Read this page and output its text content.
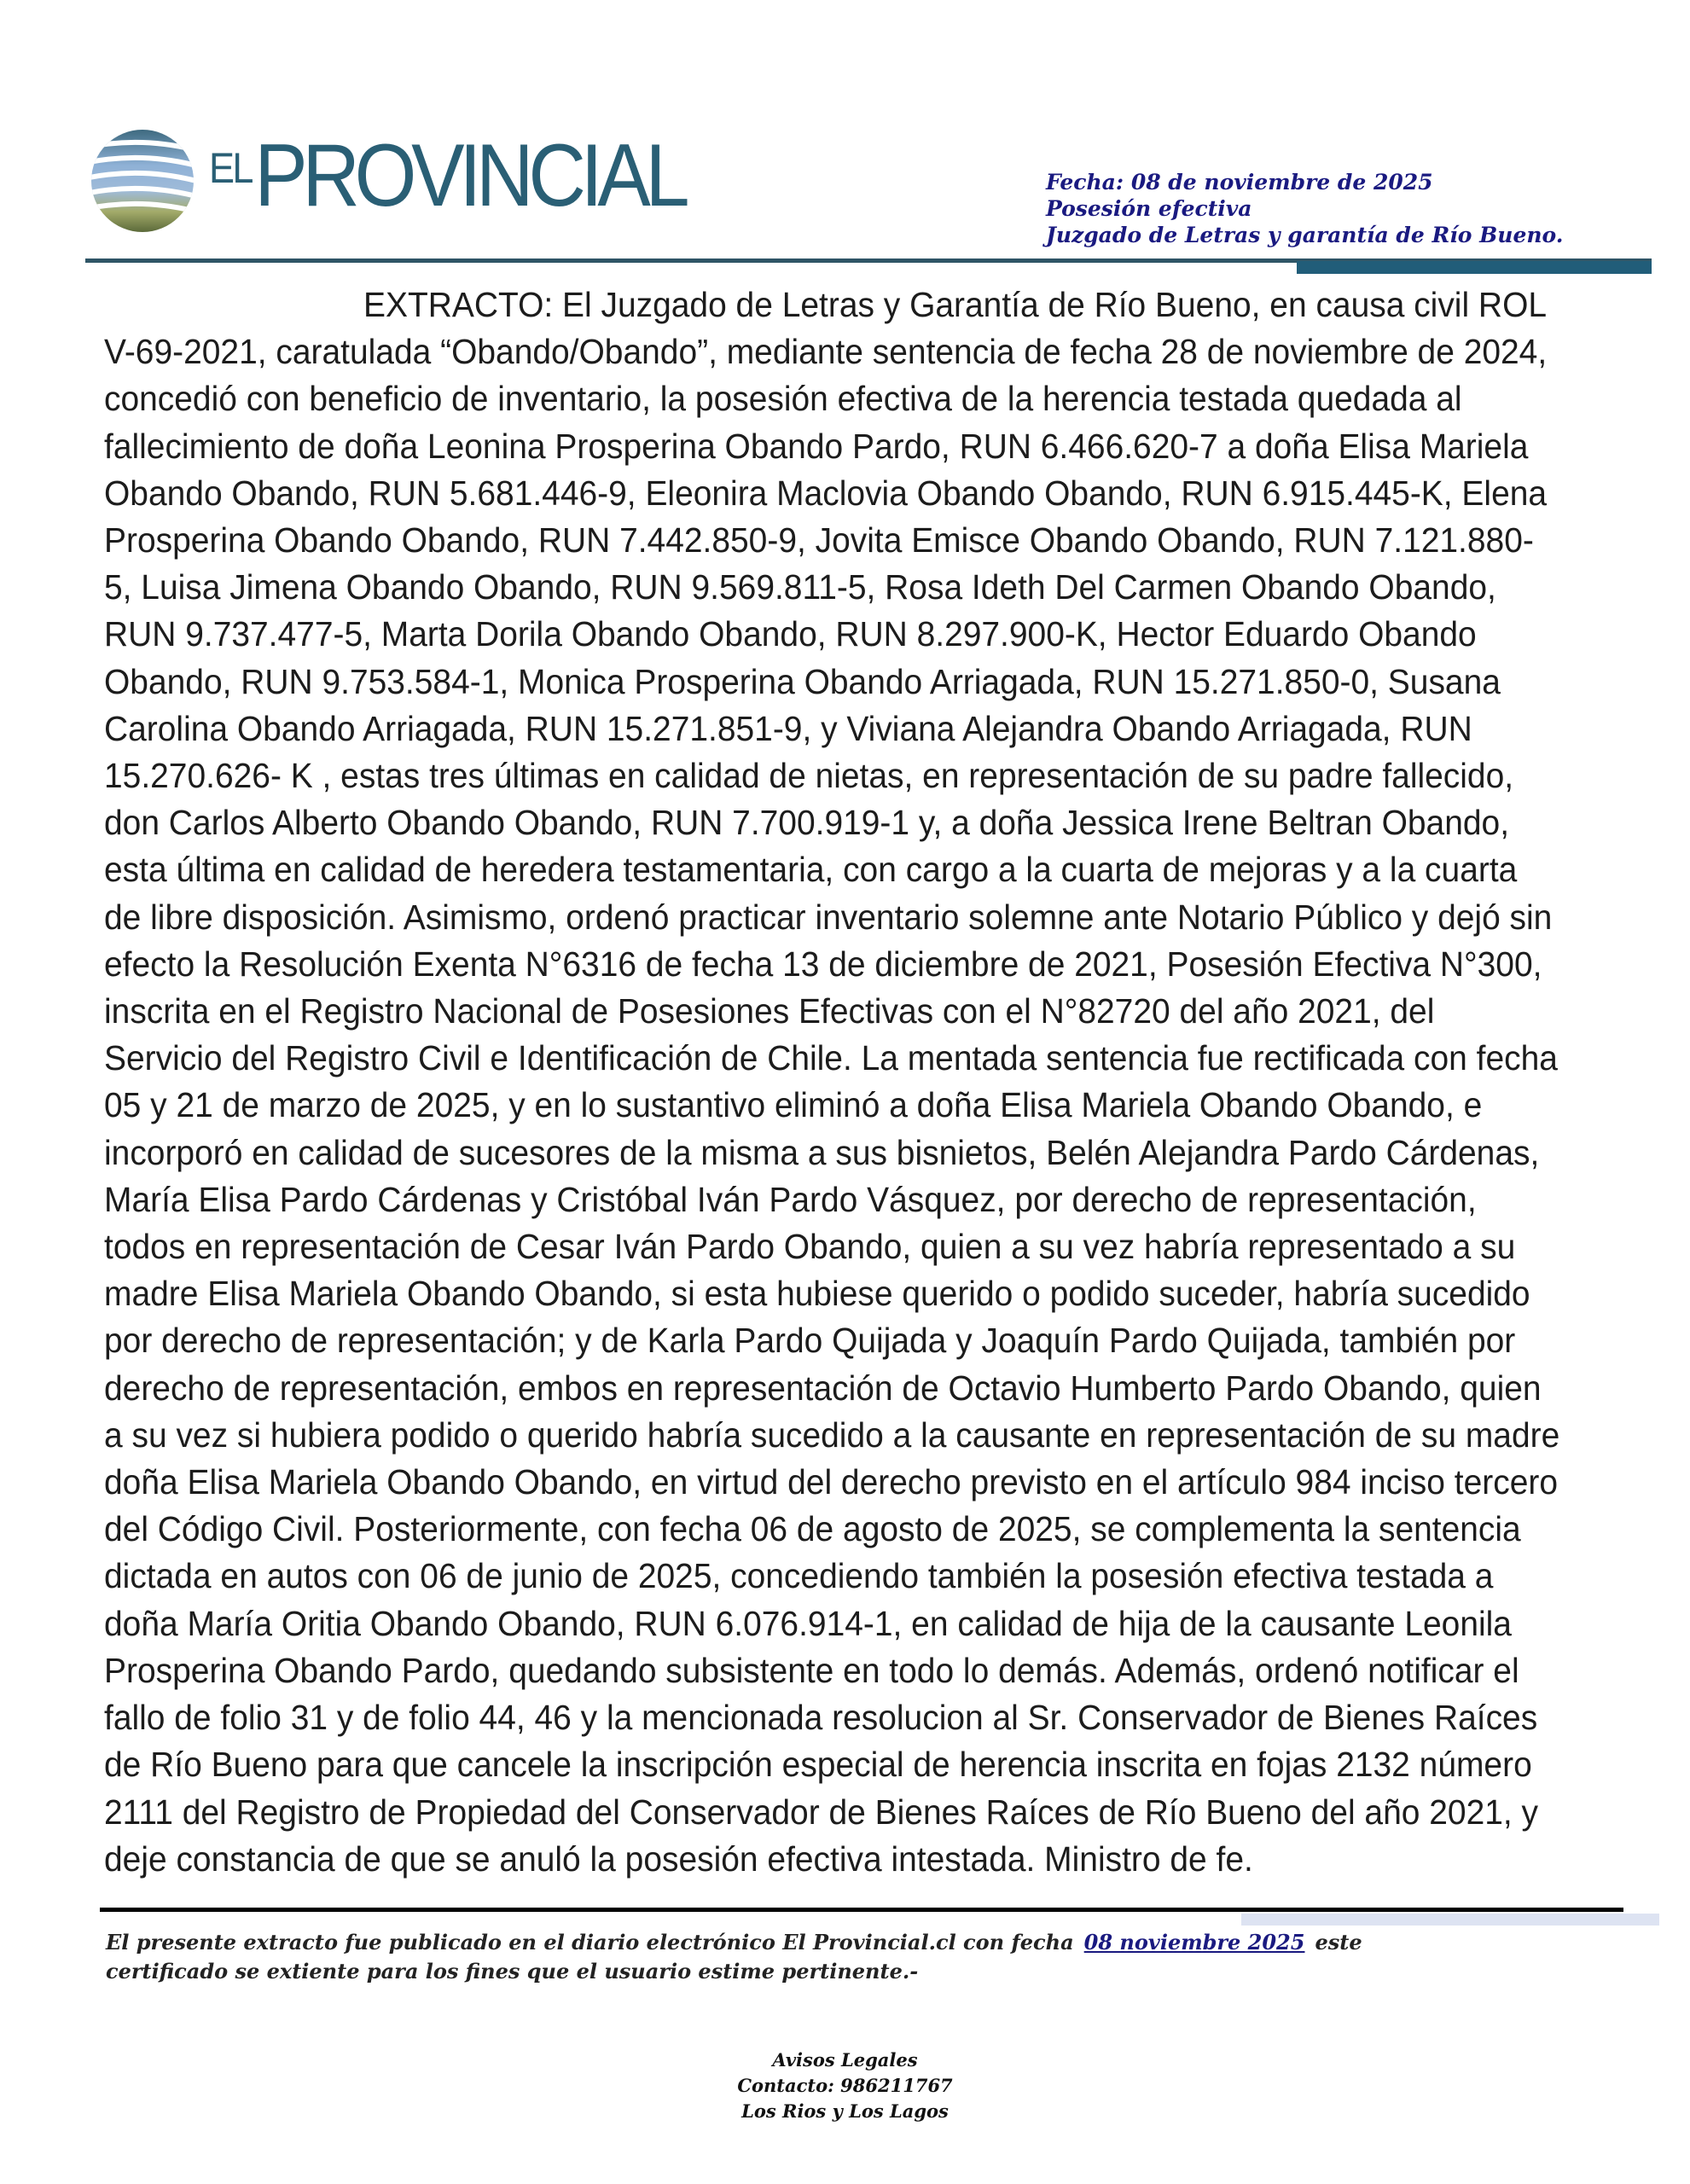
$^{EL}$PROVINCIAL	Fecha: 08 de noviembre de 2025
Posesión efectiva
Juzgado de Letras y garantía de Río Bueno.
EXTRACTO: El Juzgado de Letras y Garantía de Río Bueno, en causa civil ROL
V-69-2021, caratulada “Obando/Obando”, mediante sentencia de fecha 28 de noviembre de 2024,
concedió con beneficio de inventario, la posesión efectiva de la herencia testada quedada al
fallecimiento de doña Leonina Prosperina Obando Pardo, RUN 6.466.620-7 a doña Elisa Mariela
Obando Obando, RUN 5.681.446-9, Eleonira Maclovia Obando Obando, RUN 6.915.445-K, Elena
Prosperina Obando Obando, RUN 7.442.850-9, Jovita Emisce Obando Obando, RUN 7.121.880-
5, Luisa Jimena Obando Obando, RUN 9.569.811-5, Rosa Ideth Del Carmen Obando Obando,
RUN 9.737.477-5, Marta Dorila Obando Obando, RUN 8.297.900-K, Hector Eduardo Obando
Obando, RUN 9.753.584-1, Monica Prosperina Obando Arriagada, RUN 15.271.850-0, Susana
Carolina Obando Arriagada, RUN 15.271.851-9, y Viviana Alejandra Obando Arriagada, RUN
15.270.626- K , estas tres últimas en calidad de nietas, en representación de su padre fallecido,
don Carlos Alberto Obando Obando, RUN 7.700.919-1 y, a doña Jessica Irene Beltran Obando,
esta última en calidad de heredera testamentaria, con cargo a la cuarta de mejoras y a la cuarta
de libre disposición. Asimismo, ordenó practicar inventario solemne ante Notario Público y dejó sin
efecto la Resolución Exenta N°6316 de fecha 13 de diciembre de 2021, Posesión Efectiva N°300,
inscrita en el Registro Nacional de Posesiones Efectivas con el N°82720 del año 2021, del
Servicio del Registro Civil e Identificación de Chile. La mentada sentencia fue rectificada con fecha
05 y 21 de marzo de 2025, y en lo sustantivo eliminó a doña Elisa Mariela Obando Obando, e
incorporó en calidad de sucesores de la misma a sus bisnietos, Belén Alejandra Pardo Cárdenas,
María Elisa Pardo Cárdenas y Cristóbal Iván Pardo Vásquez, por derecho de representación,
todos en representación de Cesar Iván Pardo Obando, quien a su vez habría representado a su
madre Elisa Mariela Obando Obando, si esta hubiese querido o podido suceder, habría sucedido
por derecho de representación; y de Karla Pardo Quijada y Joaquín Pardo Quijada, también por
derecho de representación, embos en representación de Octavio Humberto Pardo Obando, quien
a su vez si hubiera podido o querido habría sucedido a la causante en representación de su madre
doña Elisa Mariela Obando Obando, en virtud del derecho previsto en el artículo 984 inciso tercero
del Código Civil. Posteriormente, con fecha 06 de agosto de 2025, se complementa la sentencia
dictada en autos con 06 de junio de 2025, concediendo también la posesión efectiva testada a
doña María Oritia Obando Obando, RUN 6.076.914-1, en calidad de hija de la causante Leonila
Prosperina Obando Pardo, quedando subsistente en todo lo demás. Además, ordenó notificar el
fallo de folio 31 y de folio 44, 46 y la mencionada resolucion al Sr. Conservador de Bienes Raíces
de Río Bueno para que cancele la inscripción especial de herencia inscrita en fojas 2132 número
2111 del Registro de Propiedad del Conservador de Bienes Raíces de Río Bueno del año 2021, y
deje constancia de que se anuló la posesión efectiva intestada. Ministro de fe.
El presente extracto fue publicado en el diario electrónico El Provincial.cl con fecha 08 noviembre 2025 este
certificado se extiente para los fines que el usuario estime pertinente.-
Avisos Legales
Contacto: 986211767
Los Rios y Los Lagos
